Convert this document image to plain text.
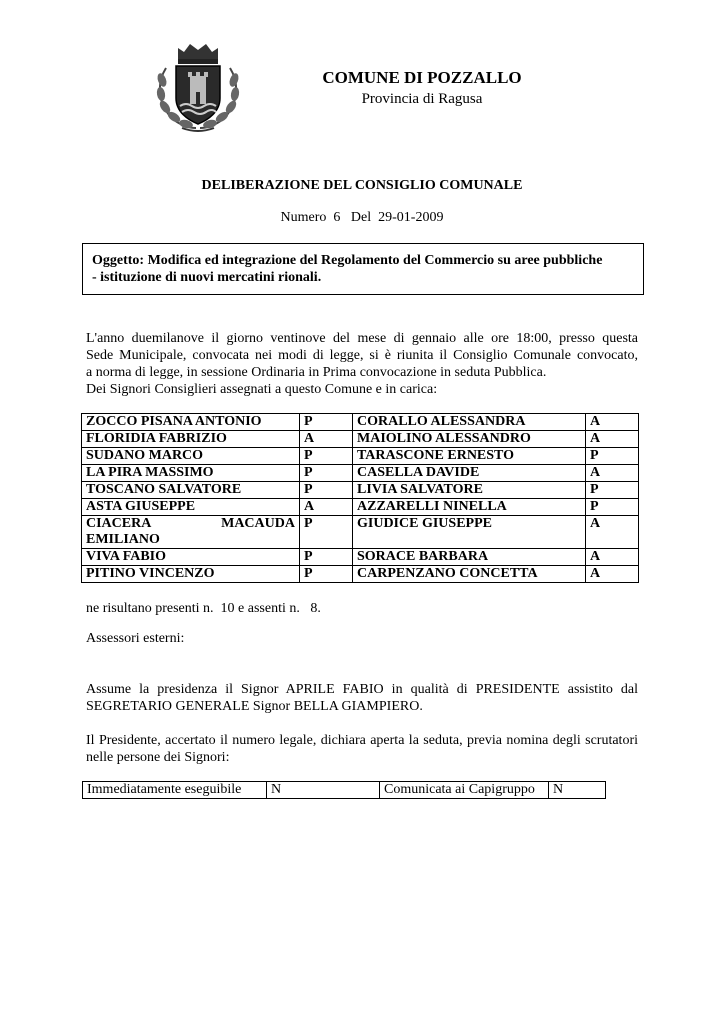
COMUNE DI POZZALLO
Provincia di Ragusa
DELIBERAZIONE DEL CONSIGLIO COMUNALE
Numero 6 Del 29-01-2009
Oggetto: Modifica ed integrazione del Regolamento del Commercio su aree pubbliche
- istituzione di nuovi mercatini rionali.
L'anno duemilanove il giorno ventinove del mese di gennaio alle ore 18:00, presso questa
Sede Municipale, convocata nei modi di legge, si è riunita il Consiglio Comunale convocato,
a norma di legge, in sessione Ordinaria in Prima convocazione in seduta Pubblica.
Dei Signori Consiglieri assegnati a questo Comune e in carica:
ZOCCO PISANA ANTONIO	P	CORALLO ALESSANDRA	A
FLORIDIA FABRIZIO	A	MAIOLINO ALESSANDRO	A
SUDANO MARCO	P	TARASCONE ERNESTO	P
LA PIRA MASSIMO	P	CASELLA DAVIDE	A
TOSCANO SALVATORE	P	LIVIA SALVATORE	P
ASTA GIUSEPPE	A	AZZARELLI NINELLA	P

CIACERA MACAUDA
EMILIANO	P	GIUDICE GIUSEPPE	A
VIVA FABIO	P	SORACE BARBARA	A
PITINO VINCENZO	P	CARPENZANO CONCETTA	A
ne risultano presenti n. 10 e assenti n. 8.
Assessori esterni:
Assume la presidenza il Signor APRILE FABIO in qualità di PRESIDENTE assistito dal SEGRETARIO GENERALE Signor BELLA GIAMPIERO.
Il Presidente, accertato il numero legale, dichiara aperta la seduta, previa nomina degli scrutatori nelle persone dei Signori:
Immediatamente eseguibile	N	Comunicata ai Capigruppo	N
